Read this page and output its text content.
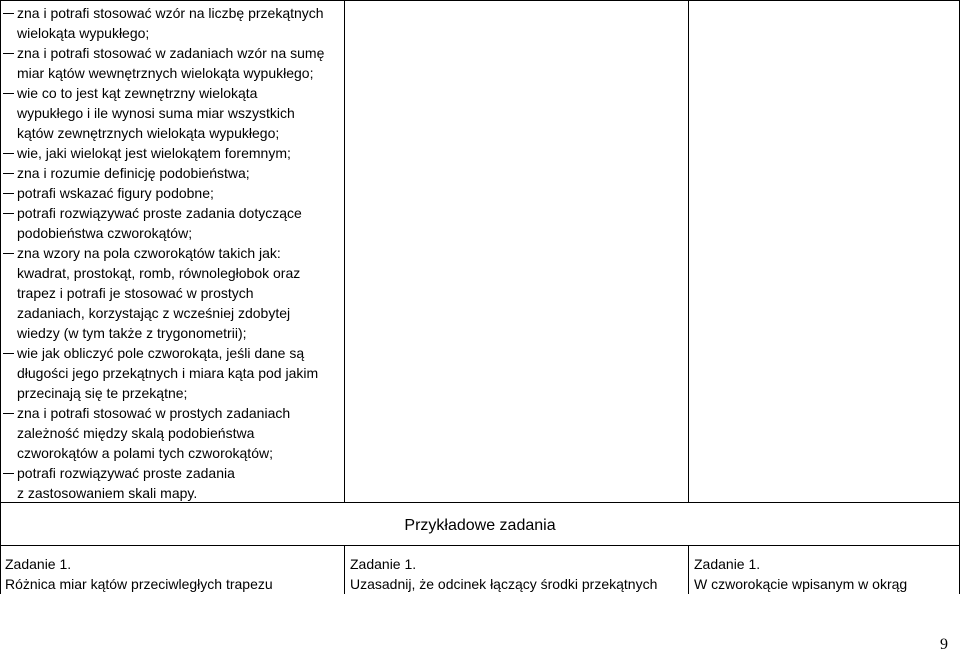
zna i potrafi stosować wzór na liczbę przekątnych
wielokąta wypukłego;
zna i potrafi stosować w zadaniach wzór na sumę
miar kątów wewnętrznych wielokąta wypukłego;
wie co to jest kąt zewnętrzny wielokąta
wypukłego i ile wynosi suma miar wszystkich
kątów zewnętrznych wielokąta wypukłego;
wie, jaki wielokąt jest wielokątem foremnym;
zna i rozumie definicję podobieństwa;
potrafi wskazać figury podobne;
potrafi rozwiązywać proste zadania dotyczące
podobieństwa czworokątów;
zna wzory na pola czworokątów takich jak:
kwadrat, prostokąt, romb, równoległobok oraz
trapez i potrafi je stosować w prostych
zadaniach, korzystając z wcześniej zdobytej
wiedzy (w tym także z trygonometrii);
wie jak obliczyć pole czworokąta, jeśli dane są
długości jego przekątnych i miara kąta pod jakim
przecinają się te przekątne;
zna i potrafi stosować w prostych zadaniach
zależność między skalą podobieństwa
czworokątów a polami tych czworokątów;
potrafi rozwiązywać proste zadania
z zastosowaniem skali mapy.
Przykładowe zadania
Zadanie 1.
Różnica miar kątów przeciwległych trapezu
Zadanie 1.
Uzasadnij, że odcinek łączący środki przekątnych
Zadanie 1.
W czworokącie wpisanym w okrąg
9
